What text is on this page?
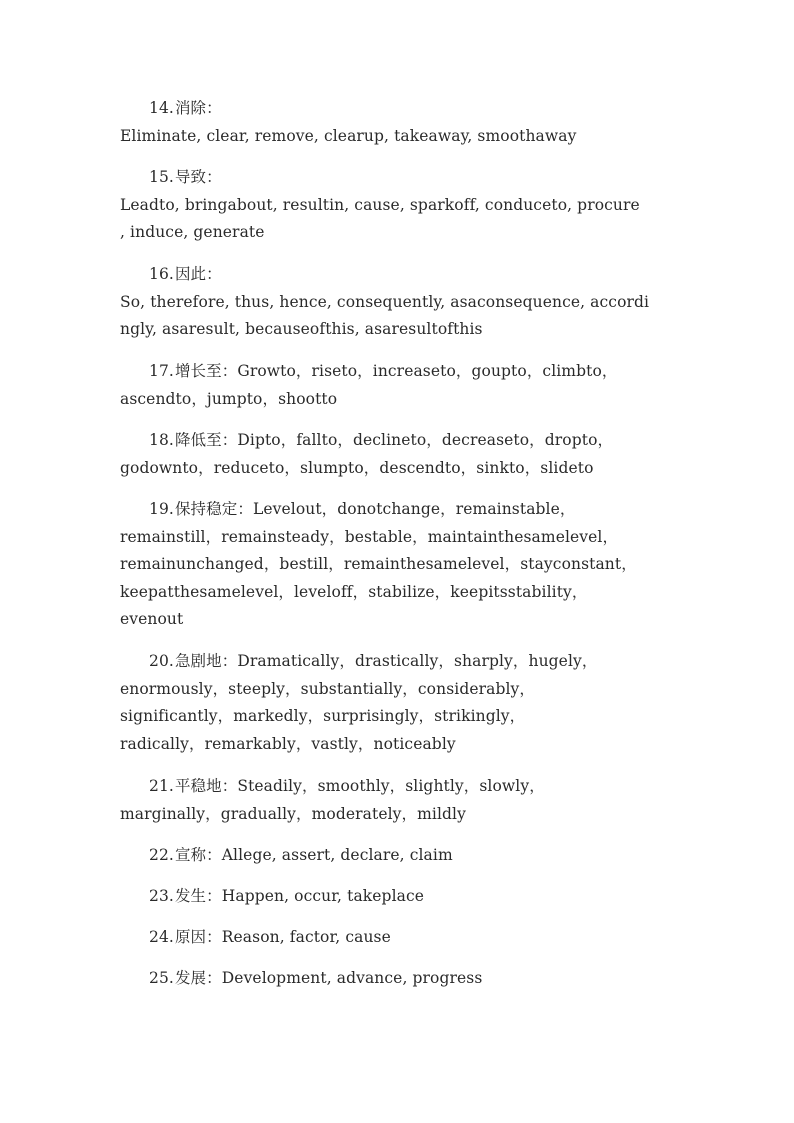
14.消除：
Eliminate, clear, remove, clearup, takeaway, smoothaway
15.导致：
Leadto, bringabout, resultin, cause, sparkoff, conduceto, procure
, induce, generate
16.因此：
So, therefore, thus, hence, consequently, asaconsequence, accordi
ngly, asaresult, becauseofthis, asaresultofthis
17.增长至：Growto，riseto，increaseto，goupto，climbto，
ascendto，jumpto，shootto
18.降低至：Dipto，fallto，declineto，decreaseto，dropto，
godownto，reduceto，slumpto，descendto，sinkto，slideto
19.保持稳定：Levelout，donotchange，remainstable，
remainstill，remainsteady，bestable，maintainthesamelevel，
remainunchanged，bestill，remainthesamelevel，stayconstant，
keepatthesamelevel，leveloff，stabilize，keepitsstability，
evenout
20.急剧地：Dramatically，drastically，sharply，hugely，
enormously，steeply，substantially，considerably，
significantly，markedly，surprisingly，strikingly，
radically，remarkably，vastly，noticeably
21.平稳地：Steadily，smoothly，slightly，slowly，
marginally，gradually，moderately，mildly
22.宣称：Allege, assert, declare, claim
23.发生：Happen, occur, takeplace
24.原因：Reason, factor, cause
25.发展：Development, advance, progress
